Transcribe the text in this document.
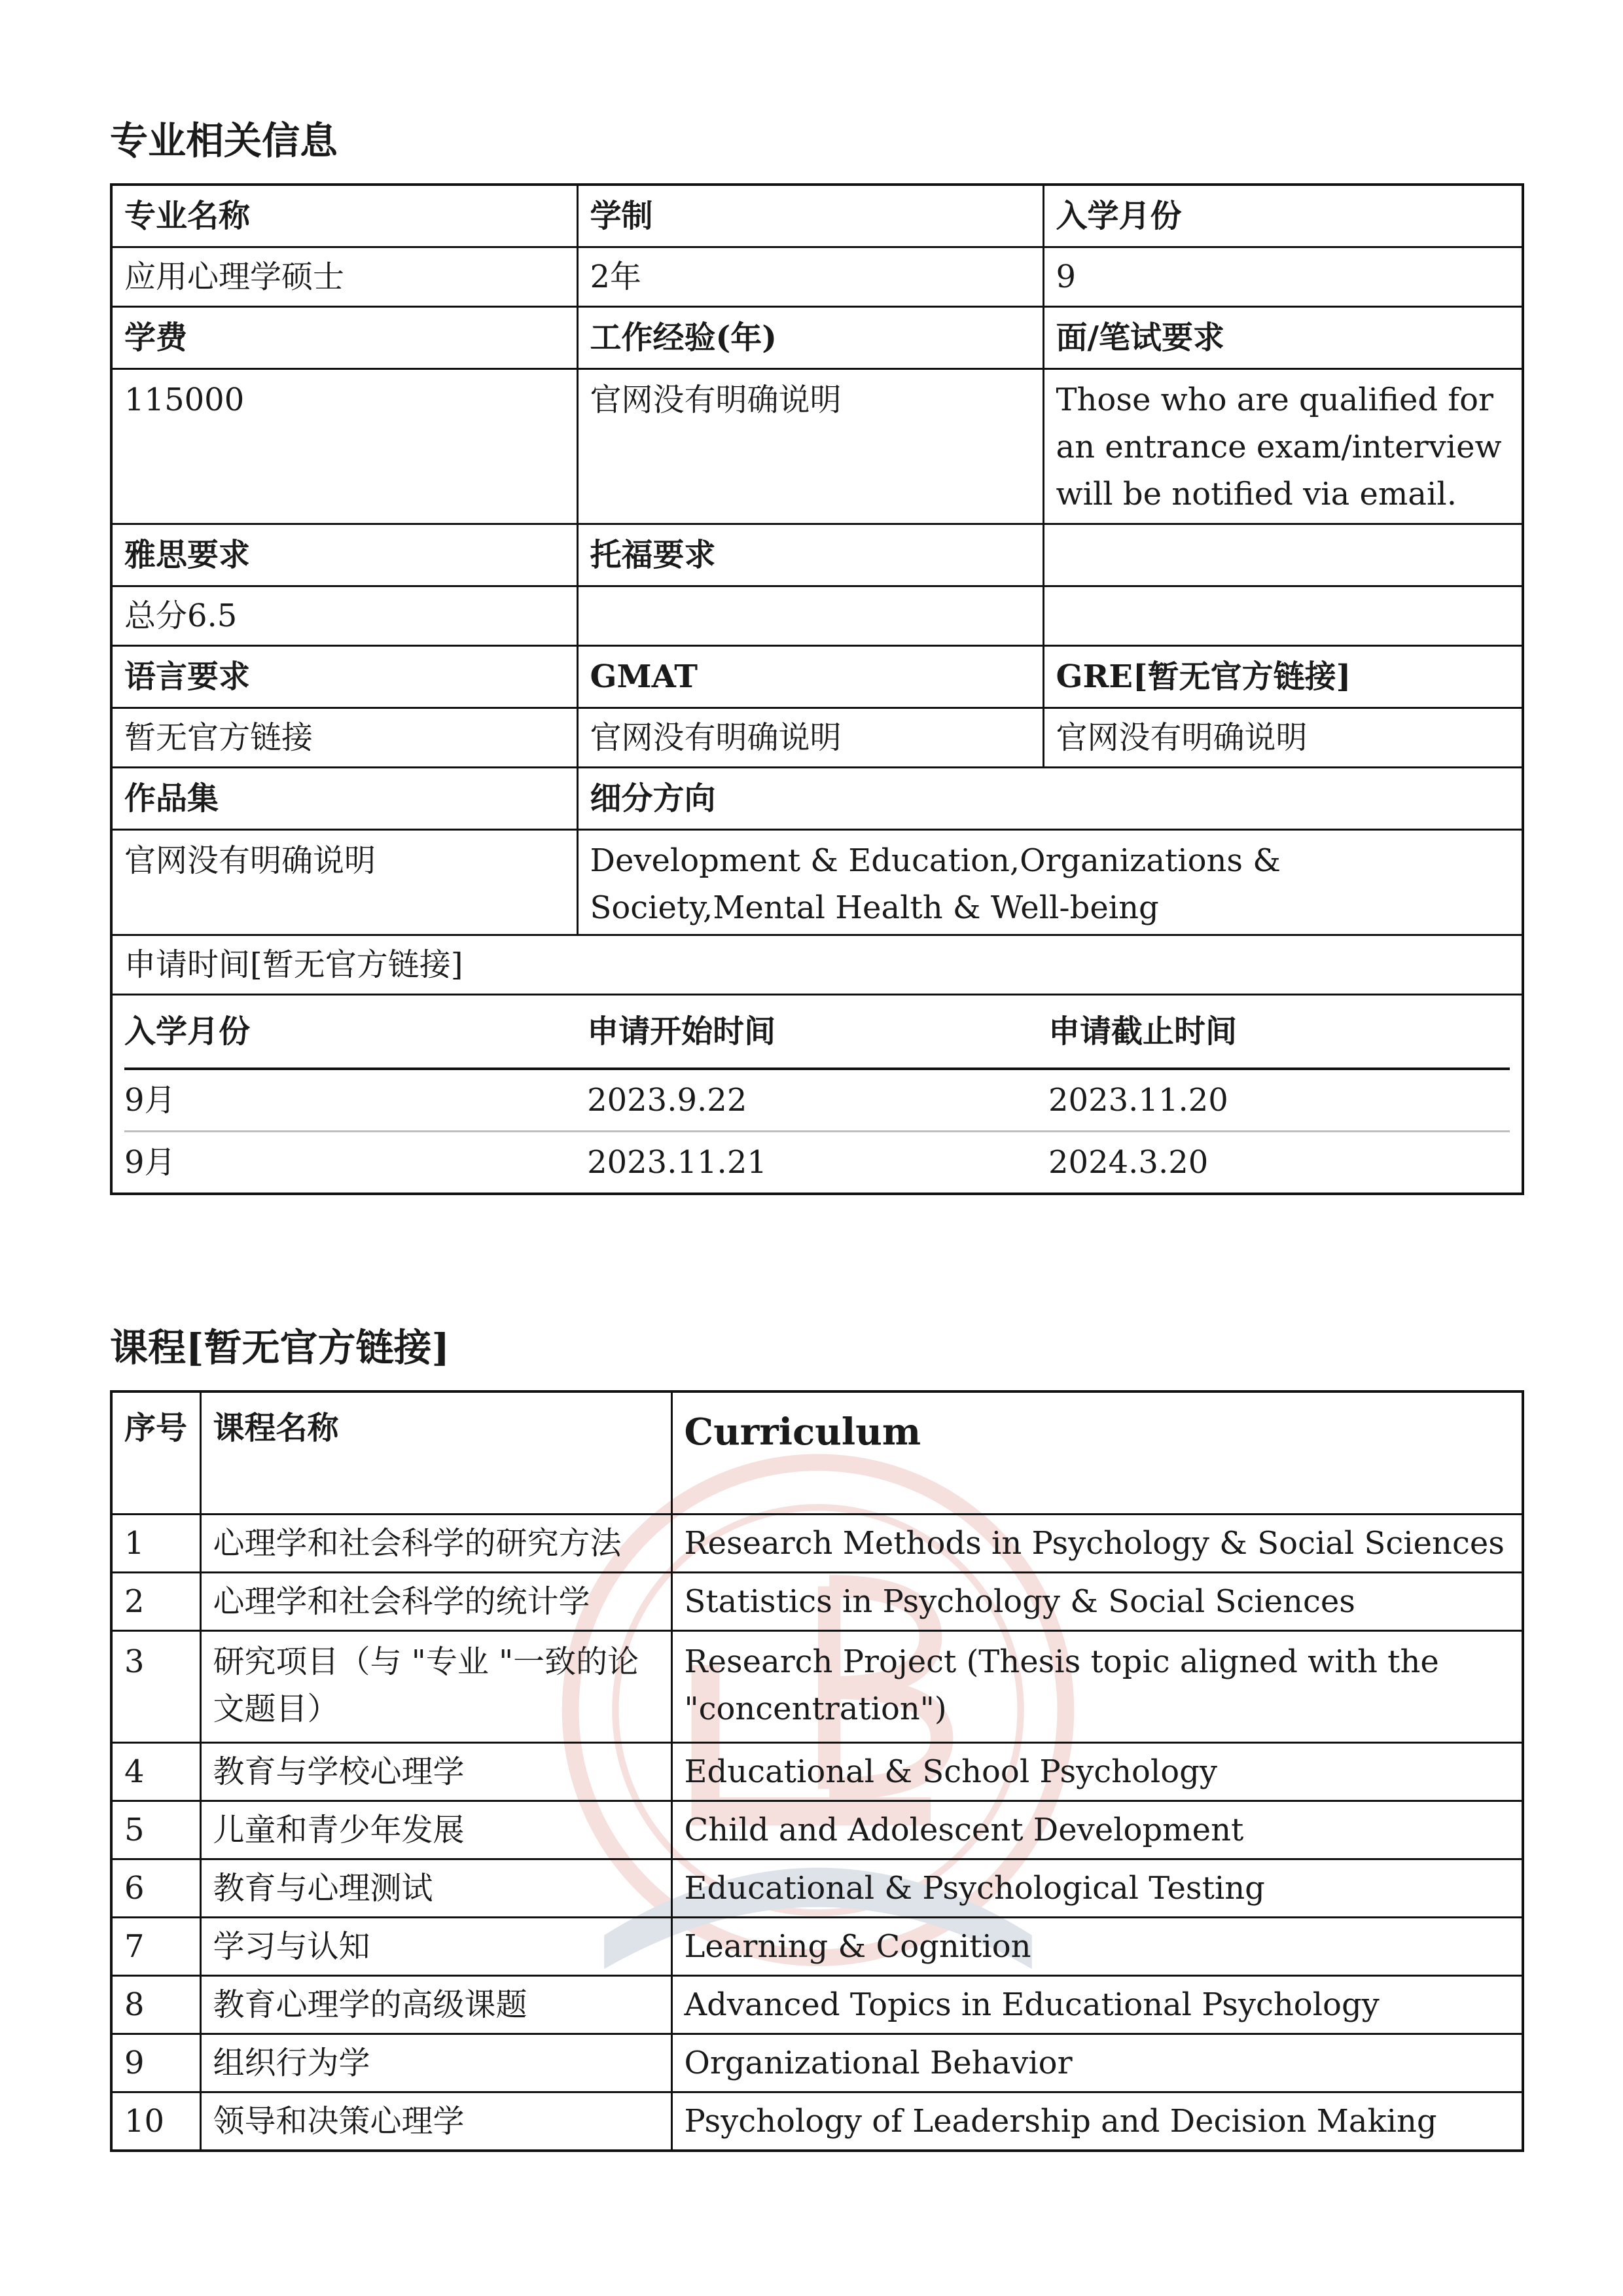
专业相关信息
专业名称	学制	入学月份
应用心理学硕士	2年	9
学费	工作经验(年)	面/笔试要求
115000	官网没有明确说明	Those who are qualified for an entrance exam/interview will be notified via email.
雅思要求	托福要求	
总分6.5		
语言要求	GMAT	GRE[暂无官方链接]
暂无官方链接	官网没有明确说明	官网没有明确说明
作品集	细分方向
官网没有明确说明	Development & Education,Organizations & Society,Mental Health & Well-being

申请时间[暂无官方链接]
入学月份	申请开始时间	申请截止时间
9月	2023.9.22	2023.11.20
9月	2023.11.21	2024.3.20
课程[暂无官方链接]
序号	课程名称	Curriculum
1	心理学和社会科学的研究方法	Research Methods in Psychology & Social Sciences
2	心理学和社会科学的统计学	Statistics in Psychology & Social Sciences
3	研究项目（与 "专业 "一致的论文题目）	Research Project (Thesis topic aligned with the "concentration")
4	教育与学校心理学	Educational & School Psychology
5	儿童和青少年发展	Child and Adolescent Development
6	教育与心理测试	Educational & Psychological Testing
7	学习与认知	Learning & Cognition
8	教育心理学的高级课题	Advanced Topics in Educational Psychology
9	组织行为学	Organizational Behavior
10	领导和决策心理学	Psychology of Leadership and Decision Making
